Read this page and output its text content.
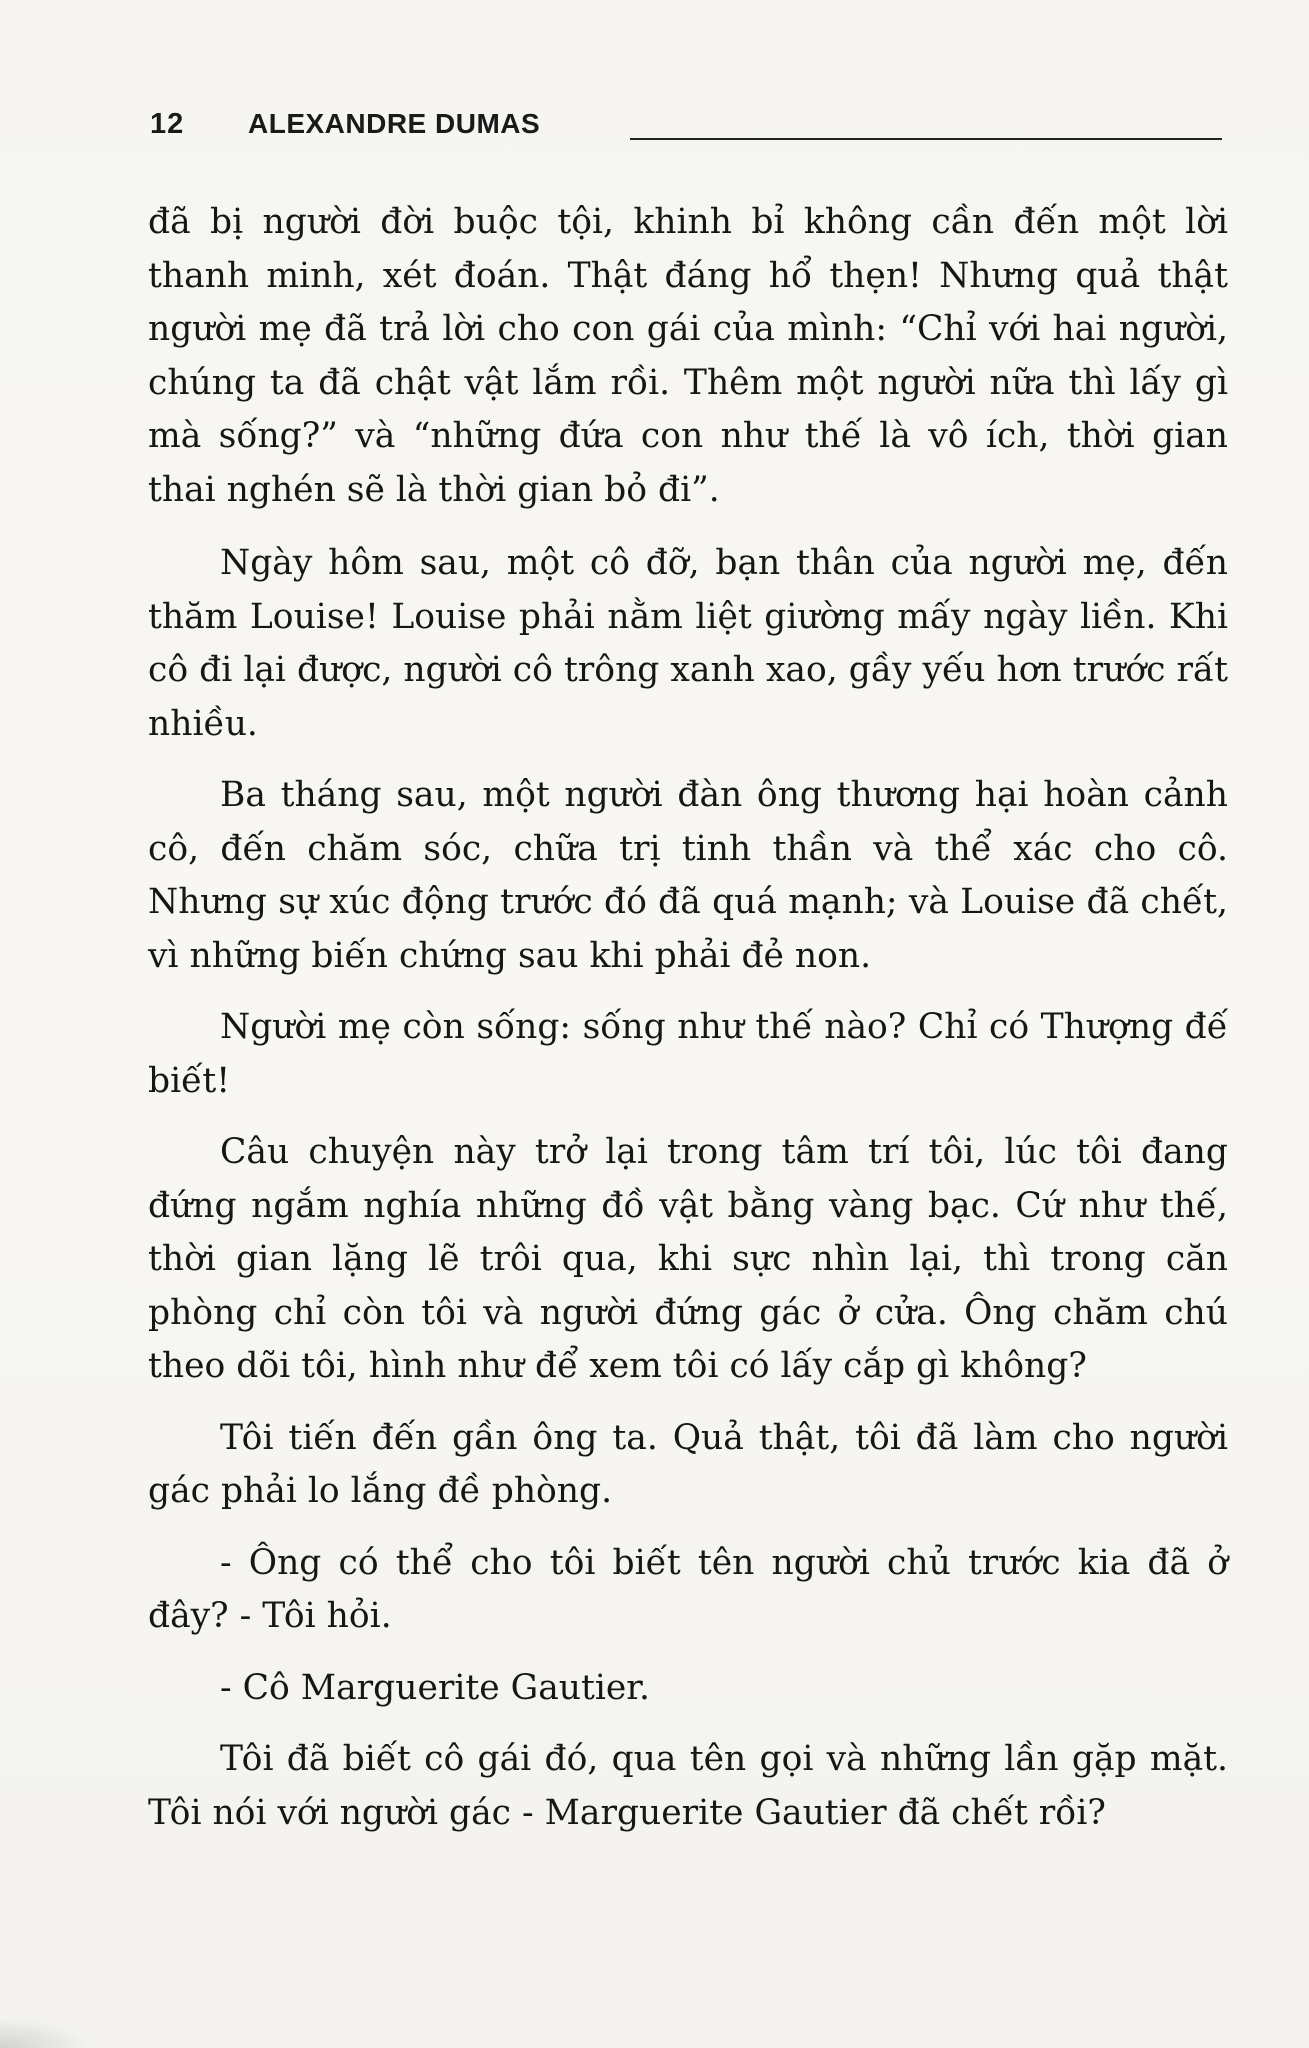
12 ALEXANDRE DUMAS

đã bị người đời buộc tội, khinh bỉ không cần đến một lời thanh minh, xét đoán. Thật đáng hổ thẹn! Nhưng quả thật người mẹ đã trả lời cho con gái của mình: “Chỉ với hai người, chúng ta đã chật vật lắm rồi. Thêm một người nữa thì lấy gì mà sống?” và “những đứa con như thế là vô ích, thời gian thai nghén sẽ là thời gian bỏ đi”.

Ngày hôm sau, một cô đỡ, bạn thân của người mẹ, đến thăm Louise! Louise phải nằm liệt giường mấy ngày liền. Khi cô đi lại được, người cô trông xanh xao, gầy yếu hơn trước rất nhiều.

Ba tháng sau, một người đàn ông thương hại hoàn cảnh cô, đến chăm sóc, chữa trị tinh thần và thể xác cho cô. Nhưng sự xúc động trước đó đã quá mạnh; và Louise đã chết, vì những biến chứng sau khi phải đẻ non.

Người mẹ còn sống: sống như thế nào? Chỉ có Thượng đế biết!

Câu chuyện này trở lại trong tâm trí tôi, lúc tôi đang đứng ngắm nghía những đồ vật bằng vàng bạc. Cứ như thế, thời gian lặng lẽ trôi qua, khi sực nhìn lại, thì trong căn phòng chỉ còn tôi và người đứng gác ở cửa. Ông chăm chú theo dõi tôi, hình như để xem tôi có lấy cắp gì không?

Tôi tiến đến gần ông ta. Quả thật, tôi đã làm cho người gác phải lo lắng đề phòng.

- Ông có thể cho tôi biết tên người chủ trước kia đã ở đây? - Tôi hỏi.

- Cô Marguerite Gautier.

Tôi đã biết cô gái đó, qua tên gọi và những lần gặp mặt. Tôi nói với người gác - Marguerite Gautier đã chết rồi?
